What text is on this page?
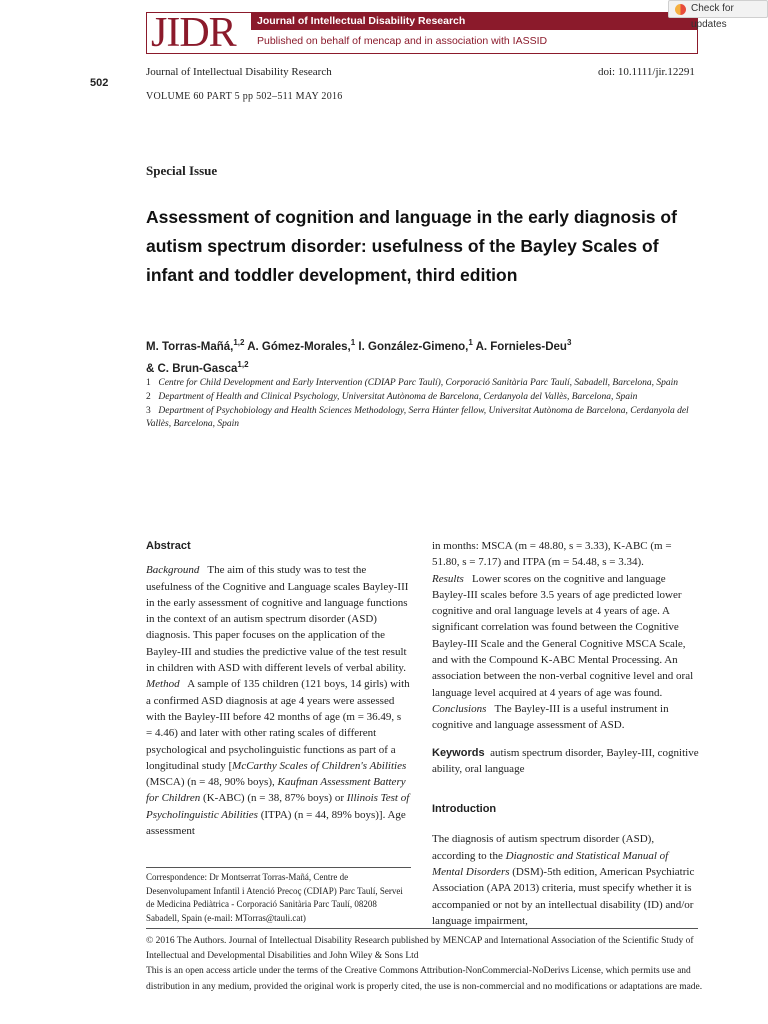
JIDR	Journal of Intellectual Disability Research
Published on behalf of mencap and in association with IASSID
Check for updates
502
Journal of Intellectual Disability Research	doi: 10.1111/jir.12291
VOLUME 60 PART 5 pp 502–511 MAY 2016
Special Issue
Assessment of cognition and language in the early diagnosis of autism spectrum disorder: usefulness of the Bayley Scales of infant and toddler development, third edition
M. Torras-Mañá,$^{1,2}$ A. Gómez-Morales,$^1$ I. González-Gimeno,$^1$ A. Fornieles-Deu$^3$
& C. Brun-Gasca$^{1,2}$
1 Centre for Child Development and Early Intervention (CDIAP Parc Taulí), Corporació Sanitària Parc Taulí, Sabadell, Barcelona, Spain
2 Department of Health and Clinical Psychology, Universitat Autònoma de Barcelona, Cerdanyola del Vallès, Barcelona, Spain
3 Department of Psychobiology and Health Sciences Methodology, Serra Húnter fellow, Universitat Autònoma de Barcelona, Cerdanyola del Vallès, Barcelona, Spain

Abstract

Background The aim of this study was to test the usefulness of the Cognitive and Language scales Bayley-III in the early assessment of cognitive and language functions in the context of an autism spectrum disorder (ASD) diagnosis. This paper focuses on the application of the Bayley-III and studies the predictive value of the test result in children with ASD with different levels of verbal ability.

Method A sample of 135 children (121 boys, 14 girls) with a confirmed ASD diagnosis at age 4 years were assessed with the Bayley-III before 42 months of age (m = 36.49, s = 4.46) and later with other rating scales of different psychological and psycholinguistic functions as part of a longitudinal study [McCarthy Scales of Children's Abilities (MSCA) (n = 48, 90% boys), Kaufman Assessment Battery for Children (K-ABC) (n = 38, 87% boys) or Illinois Test of Psycholinguistic Abilities (ITPA) (n = 44, 89% boys)]. Age assessment

in months: MSCA (m = 48.80, s = 3.33), K-ABC (m = 51.80, s = 7.17) and ITPA (m = 54.48, s = 3.34).

Results Lower scores on the cognitive and language Bayley-III scales before 3.5 years of age predicted lower cognitive and oral language levels at 4 years of age. A significant correlation was found between the Cognitive Bayley-III Scale and the General Cognitive MSCA Scale, and with the Compound K-ABC Mental Processing. An association between the non-verbal cognitive level and oral language level acquired at 4 years of age was found.

Conclusions The Bayley-III is a useful instrument in cognitive and language assessment of ASD.

Keywords autism spectrum disorder, Bayley-III, cognitive ability, oral language

Introduction

The diagnosis of autism spectrum disorder (ASD), according to the Diagnostic and Statistical Manual of Mental Disorders (DSM)-5th edition, American Psychiatric Association (APA 2013) criteria, must specify whether it is accompanied or not by an intellectual disability (ID) and/or language impairment,

Correspondence: Dr Montserrat Torras-Mañá, Centre de Desenvolupament Infantil i Atenció Precoç (CDIAP) Parc Taulí, Servei de Medicina Pediàtrica - Corporació Sanitària Parc Taulí, 08208 Sabadell, Spain (e-mail: MTorras@tauli.cat)
© 2016 The Authors. Journal of Intellectual Disability Research published by MENCAP and International Association of the Scientific Study of Intellectual and Developmental Disabilities and John Wiley & Sons Ltd
This is an open access article under the terms of the Creative Commons Attribution-NonCommercial-NoDerivs License, which permits use and distribution in any medium, provided the original work is properly cited, the use is non-commercial and no modifications or adaptations are made.
